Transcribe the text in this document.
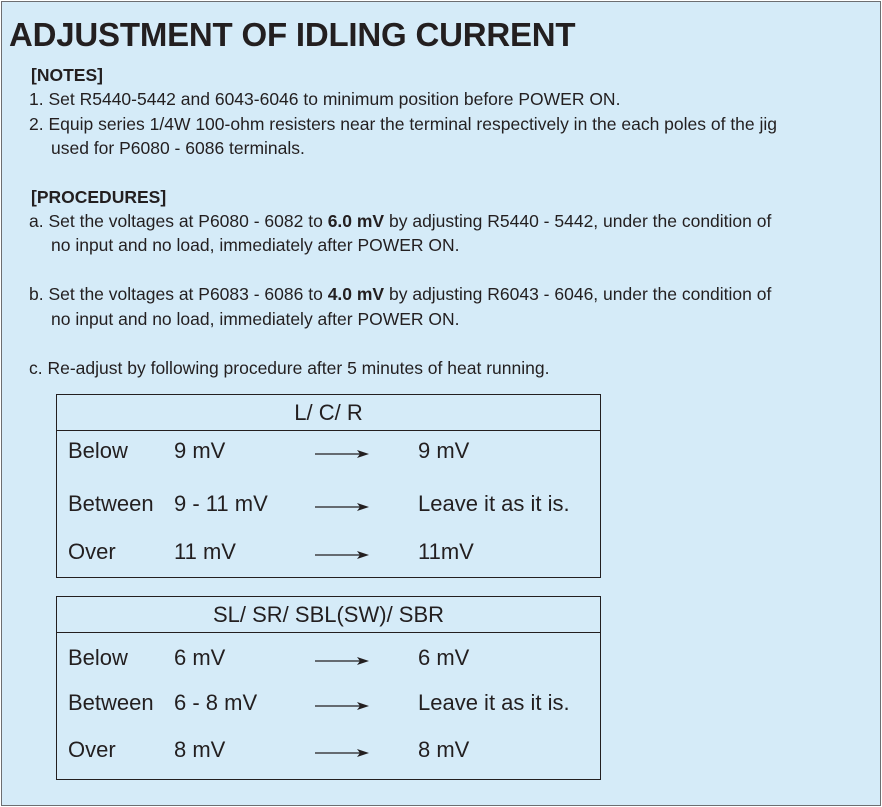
ADJUSTMENT OF IDLING CURRENT
[NOTES]
1. Set R5440-5442 and 6043-6046 to minimum position before POWER ON.
2. Equip series 1/4W 100-ohm resisters near the terminal respectively in the each poles of the jig
used for P6080 - 6086 terminals.
[PROCEDURES]
a. Set the voltages at P6080 - 6082 to 6.0 mV by adjusting R5440 - 5442, under the condition of
no input and no load, immediately after POWER ON.
b. Set the voltages at P6083 - 6086 to 4.0 mV by adjusting R6043 - 6046, under the condition of
no input and no load, immediately after POWER ON.
c. Re-adjust by following procedure after 5 minutes of heat running.
L/ C/ R
Below 9 mV	9 mV
Between 9 - 11 mV	Leave it as it is.
Over	11 mV	11mV
SL/ SR/ SBL(SW)/ SBR
Below 6 mV	6 mV
Between 6 - 8 mV	Leave it as it is.
Over	8 mV	8 mV
